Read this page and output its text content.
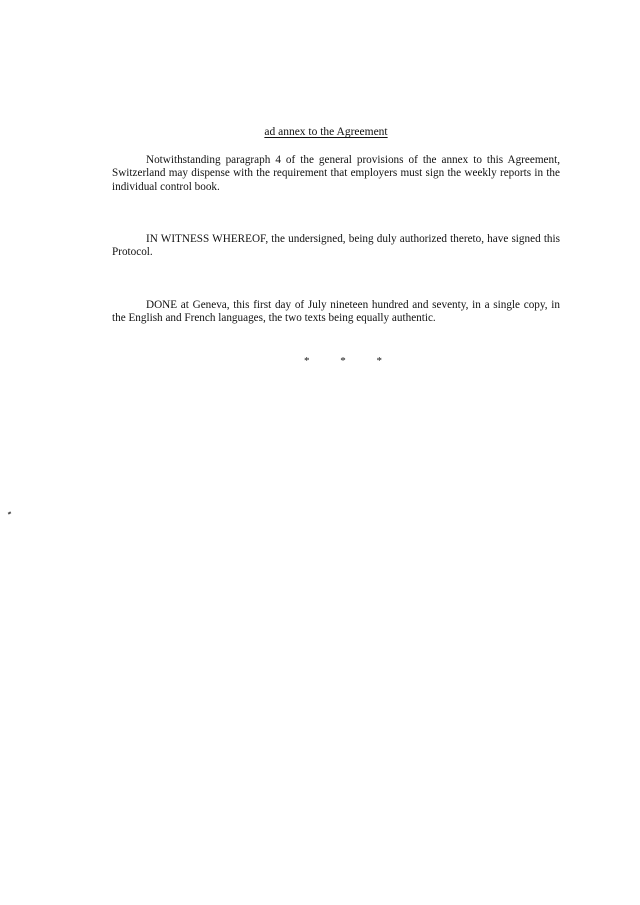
ad annex to the Agreement

Notwithstanding paragraph 4 of the general provisions of the annex to this Agreement, Switzerland may dispense with the requirement that employers must sign the weekly reports in the individual control book.

IN WITNESS WHEREOF, the undersigned, being duly authorized thereto, have signed this Protocol.

DONE at Geneva, this first day of July nineteen hundred and seventy, in a single copy, in the English and French languages, the two texts being equally authentic.

* * *
